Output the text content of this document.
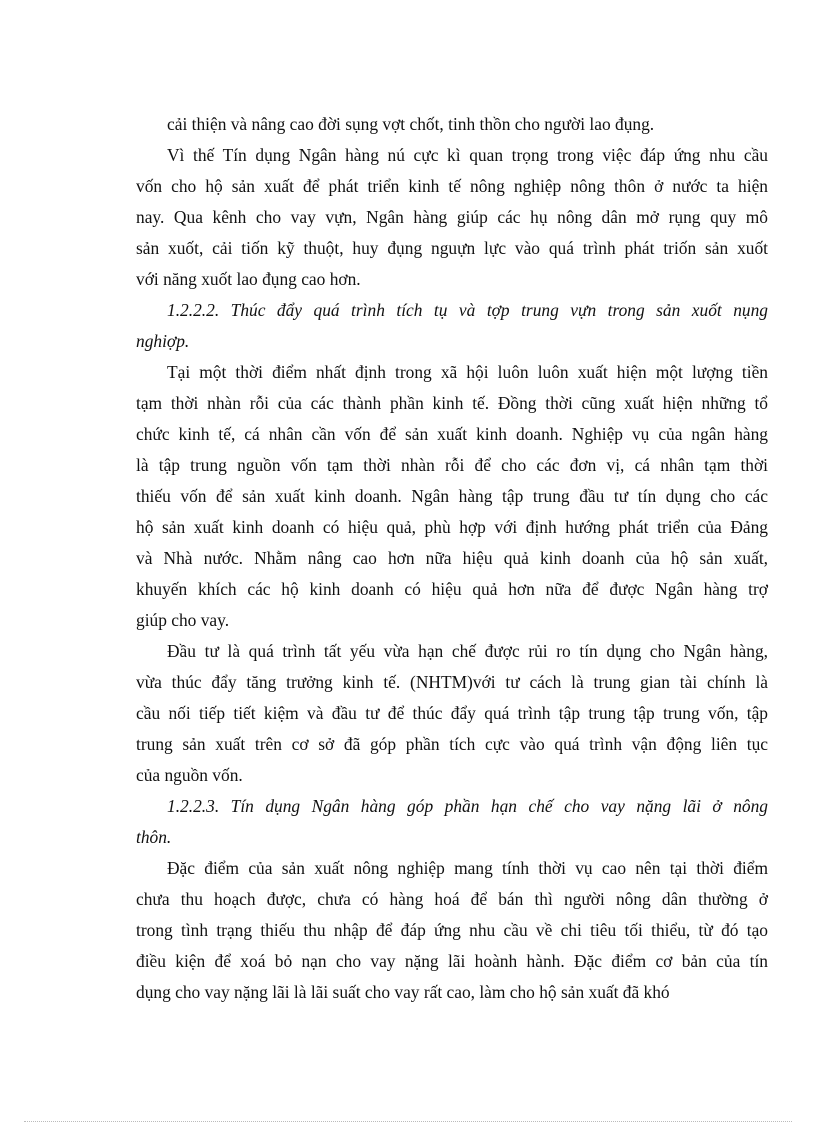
cải thiện và nâng cao đời sụng vợt chốt, tinh thồn cho người lao đụng.
Vì thế Tín dụng Ngân hàng nú cực kì quan trọng trong việc đáp ứng nhu cầu
vốn cho hộ sản xuất để phát triển kinh tế nông nghiệp nông thôn ở nước ta hiện
nay. Qua kênh cho vay vựn, Ngân hàng giúp các hụ nông dân mở rụng quy mô
sản xuốt, cải tiốn kỹ thuột, huy đụng nguựn lực vào quá trình phát triốn sản xuốt
với năng xuốt lao đụng cao hơn.
1.2.2.2. Thúc đẩy quá trình tích tụ và tợp trung vựn trong sản xuốt nụng
nghiợp.
Tại một thời điểm nhất định trong xã hội luôn luôn xuất hiện một lượng tiền
tạm thời nhàn rỗi của các thành phần kinh tế. Đồng thời cũng xuất hiện những tổ
chức kinh tế, cá nhân cần vốn để sản xuất kinh doanh. Nghiệp vụ của ngân hàng
là tập trung nguồn vốn tạm thời nhàn rỗi để cho các đơn vị, cá nhân tạm thời
thiếu vốn để sản xuất kinh doanh. Ngân hàng tập trung đầu tư tín dụng cho các
hộ sản xuất kinh doanh có hiệu quả, phù hợp với định hướng phát triển của Đảng
và Nhà nước. Nhằm nâng cao hơn nữa hiệu quả kinh doanh của hộ sản xuất,
khuyến khích các hộ kinh doanh có hiệu quả hơn nữa để được Ngân hàng trợ
giúp cho vay.
Đầu tư là quá trình tất yếu vừa hạn chế được rủi ro tín dụng cho Ngân hàng,
vừa thúc đẩy tăng trưởng kinh tế. (NHTM)với tư cách là trung gian tài chính là
cầu nối tiếp tiết kiệm và đầu tư để thúc đẩy quá trình tập trung tập trung vốn, tập
trung sản xuất trên cơ sở đã góp phần tích cực vào quá trình vận động liên tục
của nguồn vốn.
1.2.2.3. Tín dụng Ngân hàng góp phần hạn chế cho vay nặng lãi ở nông
thôn.
Đặc điểm của sản xuất nông nghiệp mang tính thời vụ cao nên tại thời điểm
chưa thu hoạch được, chưa có hàng hoá để bán thì người nông dân thường ở
trong tình trạng thiếu thu nhập để đáp ứng nhu cầu về chi tiêu tối thiểu, từ đó tạo
điều kiện để xoá bỏ nạn cho vay nặng lãi hoành hành. Đặc điểm cơ bản của tín
dụng cho vay nặng lãi là lãi suất cho vay rất cao, làm cho hộ sản xuất đã khó
